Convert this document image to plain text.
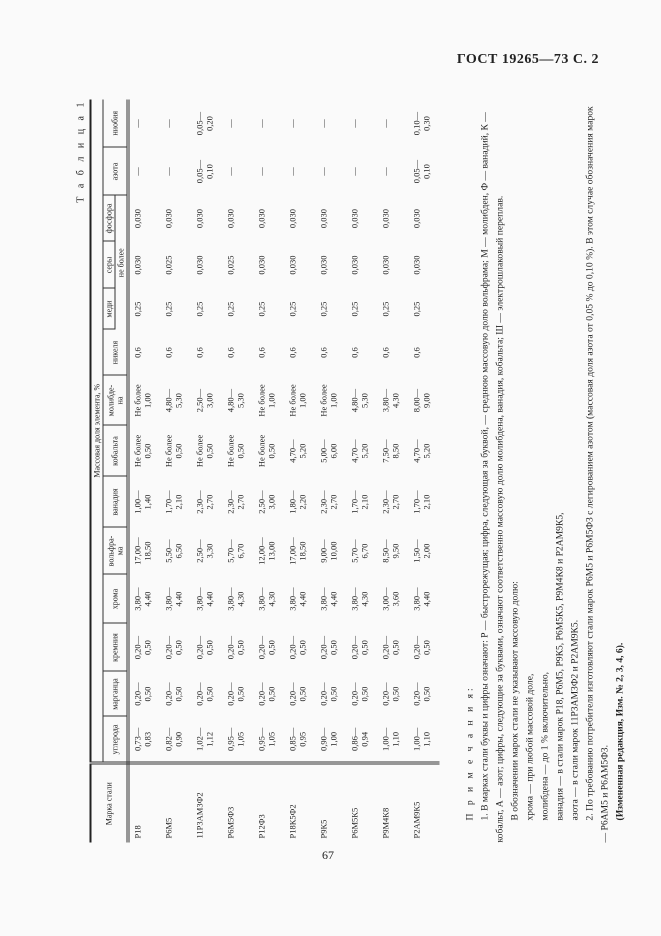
ГОСТ 19265—73 С. 2
67
Т а б л и ц а 1
Марка стали	Массовая доля элемента, %													
	углерода	марганца	кремния	хрома	вольфра-
ма	ванадия	кобальта	молибде-
на	никеля	меди	серы	фосфора	азота	ниобия
										не более				
Р18	0,73—
0,83	0,20—
0,50	0,20—
0,50	3,80—
4,40	17,00—
18,50	1,00—
1,40	Не более
0,50	Не более
1,00	0,6	0,25	0,030	0,030	—	—
Р6М5	0,82—
0,90	0,20—
0,50	0,20—
0,50	3,80—
4,40	5,50—
6,50	1,70—
2,10	Не более
0,50	4,80—
5,30	0,6	0,25	0,025	0,030	—	—
11Р3АМ3Ф2	1,02—
1,12	0,20—
0,50	0,20—
0,50	3,80—
4,40	2,50—
3,30	2,30—
2,70	Не более
0,50	2,50—
3,00	0,6	0,25	0,030	0,030	0,05—
0,10	0,05—
0,20
Р6М5Ф3	0,95—
1,05	0,20—
0,50	0,20—
0,50	3,80—
4,30	5,70—
6,70	2,30—
2,70	Не более
0,50	4,80—
5,30	0,6	0,25	0,025	0,030	—	—
Р12Ф3	0,95—
1,05	0,20—
0,50	0,20—
0,50	3,80—
4,30	12,00—
13,00	2,50—
3,00	Не более
0,50	Не более
1,00	0,6	0,25	0,030	0,030	—	—
Р18К5Ф2	0,85—
0,95	0,20—
0,50	0,20—
0,50	3,80—
4,40	17,00—
18,50	1,80—
2,20	4,70—
5,20	Не более
1,00	0,6	0,25	0,030	0,030	—	—
Р9К5	0,90—
1,00	0,20—
0,50	0,20—
0,50	3,80—
4,40	9,00—
10,00	2,30—
2,70	5,00—
6,00	Не более
1,00	0,6	0,25	0,030	0,030	—	—
Р6М5К5	0,86—
0,94	0,20—
0,50	0,20—
0,50	3,80—
4,30	5,70—
6,70	1,70—
2,10	4,70—
5,20	4,80—
5,30	0,6	0,25	0,030	0,030	—	—
Р9М4К8	1,00—
1,10	0,20—
0,50	0,20—
0,50	3,00—
3,60	8,50—
9,50	2,30—
2,70	7,50—
8,50	3,80—
4,30	0,6	0,25	0,030	0,030	—	—
Р2АМ9К5	1,00—
1,10	0,20—
0,50	0,20—
0,50	3,80—
4,40	1,50—
2,00	1,70—
2,10	4,70—
5,20	8,00—
9,00	0,6	0,25	0,030	0,030	0,05—
0,10	0,10—
0,30

П р и м е ч а н и я: 1. В марках стали буквы и цифры означают: Р — быстрорежущая; цифра, следующая за буквой, — среднюю массовую долю вольфрама; М — молибден, Ф — ванадий, К — кобальт, А — азот; цифры, следующие за буквами, означают соответственно массовую долю молибдена, ванадия, кобальта; Ш — электрошлаковый переплав. В обозначении марок стали не указывают массовую долю: хрома — при любой массовой доле, молибдена — до 1 % включительно, ванадия — в стали марок Р18, Р6М5, Р9К5, Р6М5К5, Р9М4К8 и Р2АМ9К5, азота — в стали марок 11Р3АМ3Ф2 и Р2АМ9К5. 2. По требованию потребителя изготовляют стали марок Р6М5 и Р6М5Ф3 с легированием азотом (массовая доля азота от 0,05 % до 0,10 %). В этом случае обозначения марок — Р6АМ5 и Р6АМ5Ф3. (Измененная редакция, Изм. № 2, 3, 4, 6).
